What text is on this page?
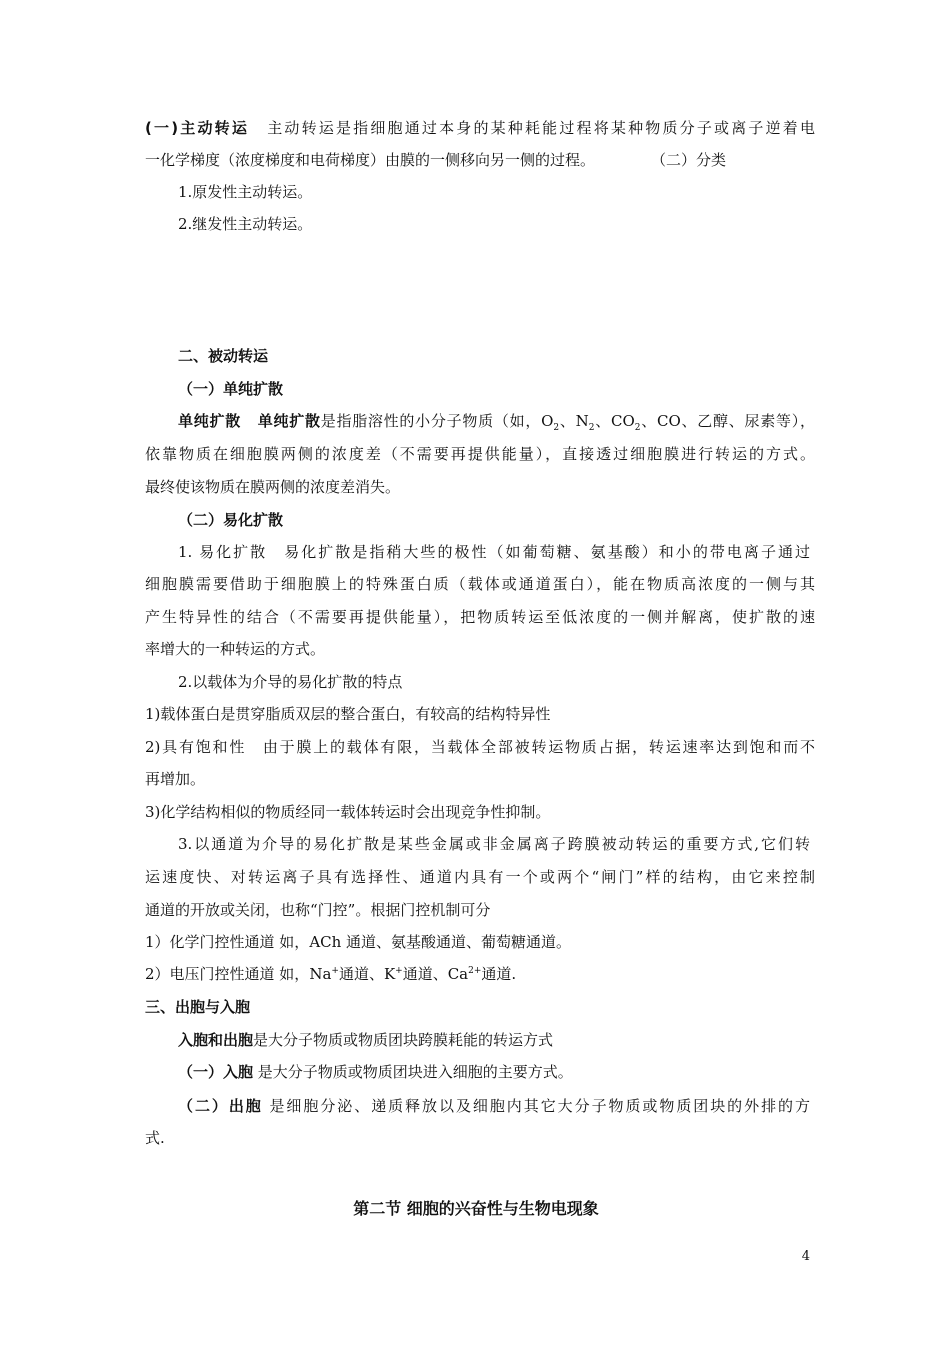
(一)主动转运 主动转运是指细胞通过本身的某种耗能过程将某种物质分子或离子逆着电
一化学梯度（浓度梯度和电荷梯度）由膜的一侧移向另一侧的过程。	（二）分类
1.原发性主动转运。
2.继发性主动转运。
二、被动转运
（一）单纯扩散
单纯扩散 单纯扩散是指脂溶性的小分子物质（如，$O_2$、$N_2$、$CO_2$、CO、乙醇、尿素等），
依靠物质在细胞膜两侧的浓度差（不需要再提供能量），直接透过细胞膜进行转运的方式。
最终使该物质在膜两侧的浓度差消失。
（二）易化扩散
1. 易化扩散　易化扩散是指稍大些的极性（如葡萄糖、氨基酸）和小的带电离子通过
细胞膜需要借助于细胞膜上的特殊蛋白质（载体或通道蛋白），能在物质高浓度的一侧与其
产生特异性的结合（不需要再提供能量），把物质转运至低浓度的一侧并解离，使扩散的速
率增大的一种转运的方式。
2.以载体为介导的易化扩散的特点
1)载体蛋白是贯穿脂质双层的整合蛋白，有较高的结构特异性
2)具有饱和性　由于膜上的载体有限，当载体全部被转运物质占据，转运速率达到饱和而不
再增加。
3)化学结构相似的物质经同一载体转运时会出现竞争性抑制。
3.以通道为介导的易化扩散是某些金属或非金属离子跨膜被动转运的重要方式,它们转
运速度快、对转运离子具有选择性、通道内具有一个或两个“闸门”样的结构，由它来控制
通道的开放或关闭，也称“门控”。根据门控机制可分
1）化学门控性通道 如，ACh 通道、氨基酸通道、葡萄糖通道。
2）电压门控性通道 如，Na+通道、K+通道、$Ca^{2+}$通道.
三、出胞与入胞
入胞和出胞是大分子物质或物质团块跨膜耗能的转运方式
（一）入胞 是大分子物质或物质团块进入细胞的主要方式。
（二）出胞 是细胞分泌、递质释放以及细胞内其它大分子物质或物质团块的外排的方
式.
第二节 细胞的兴奋性与生物电现象
4
